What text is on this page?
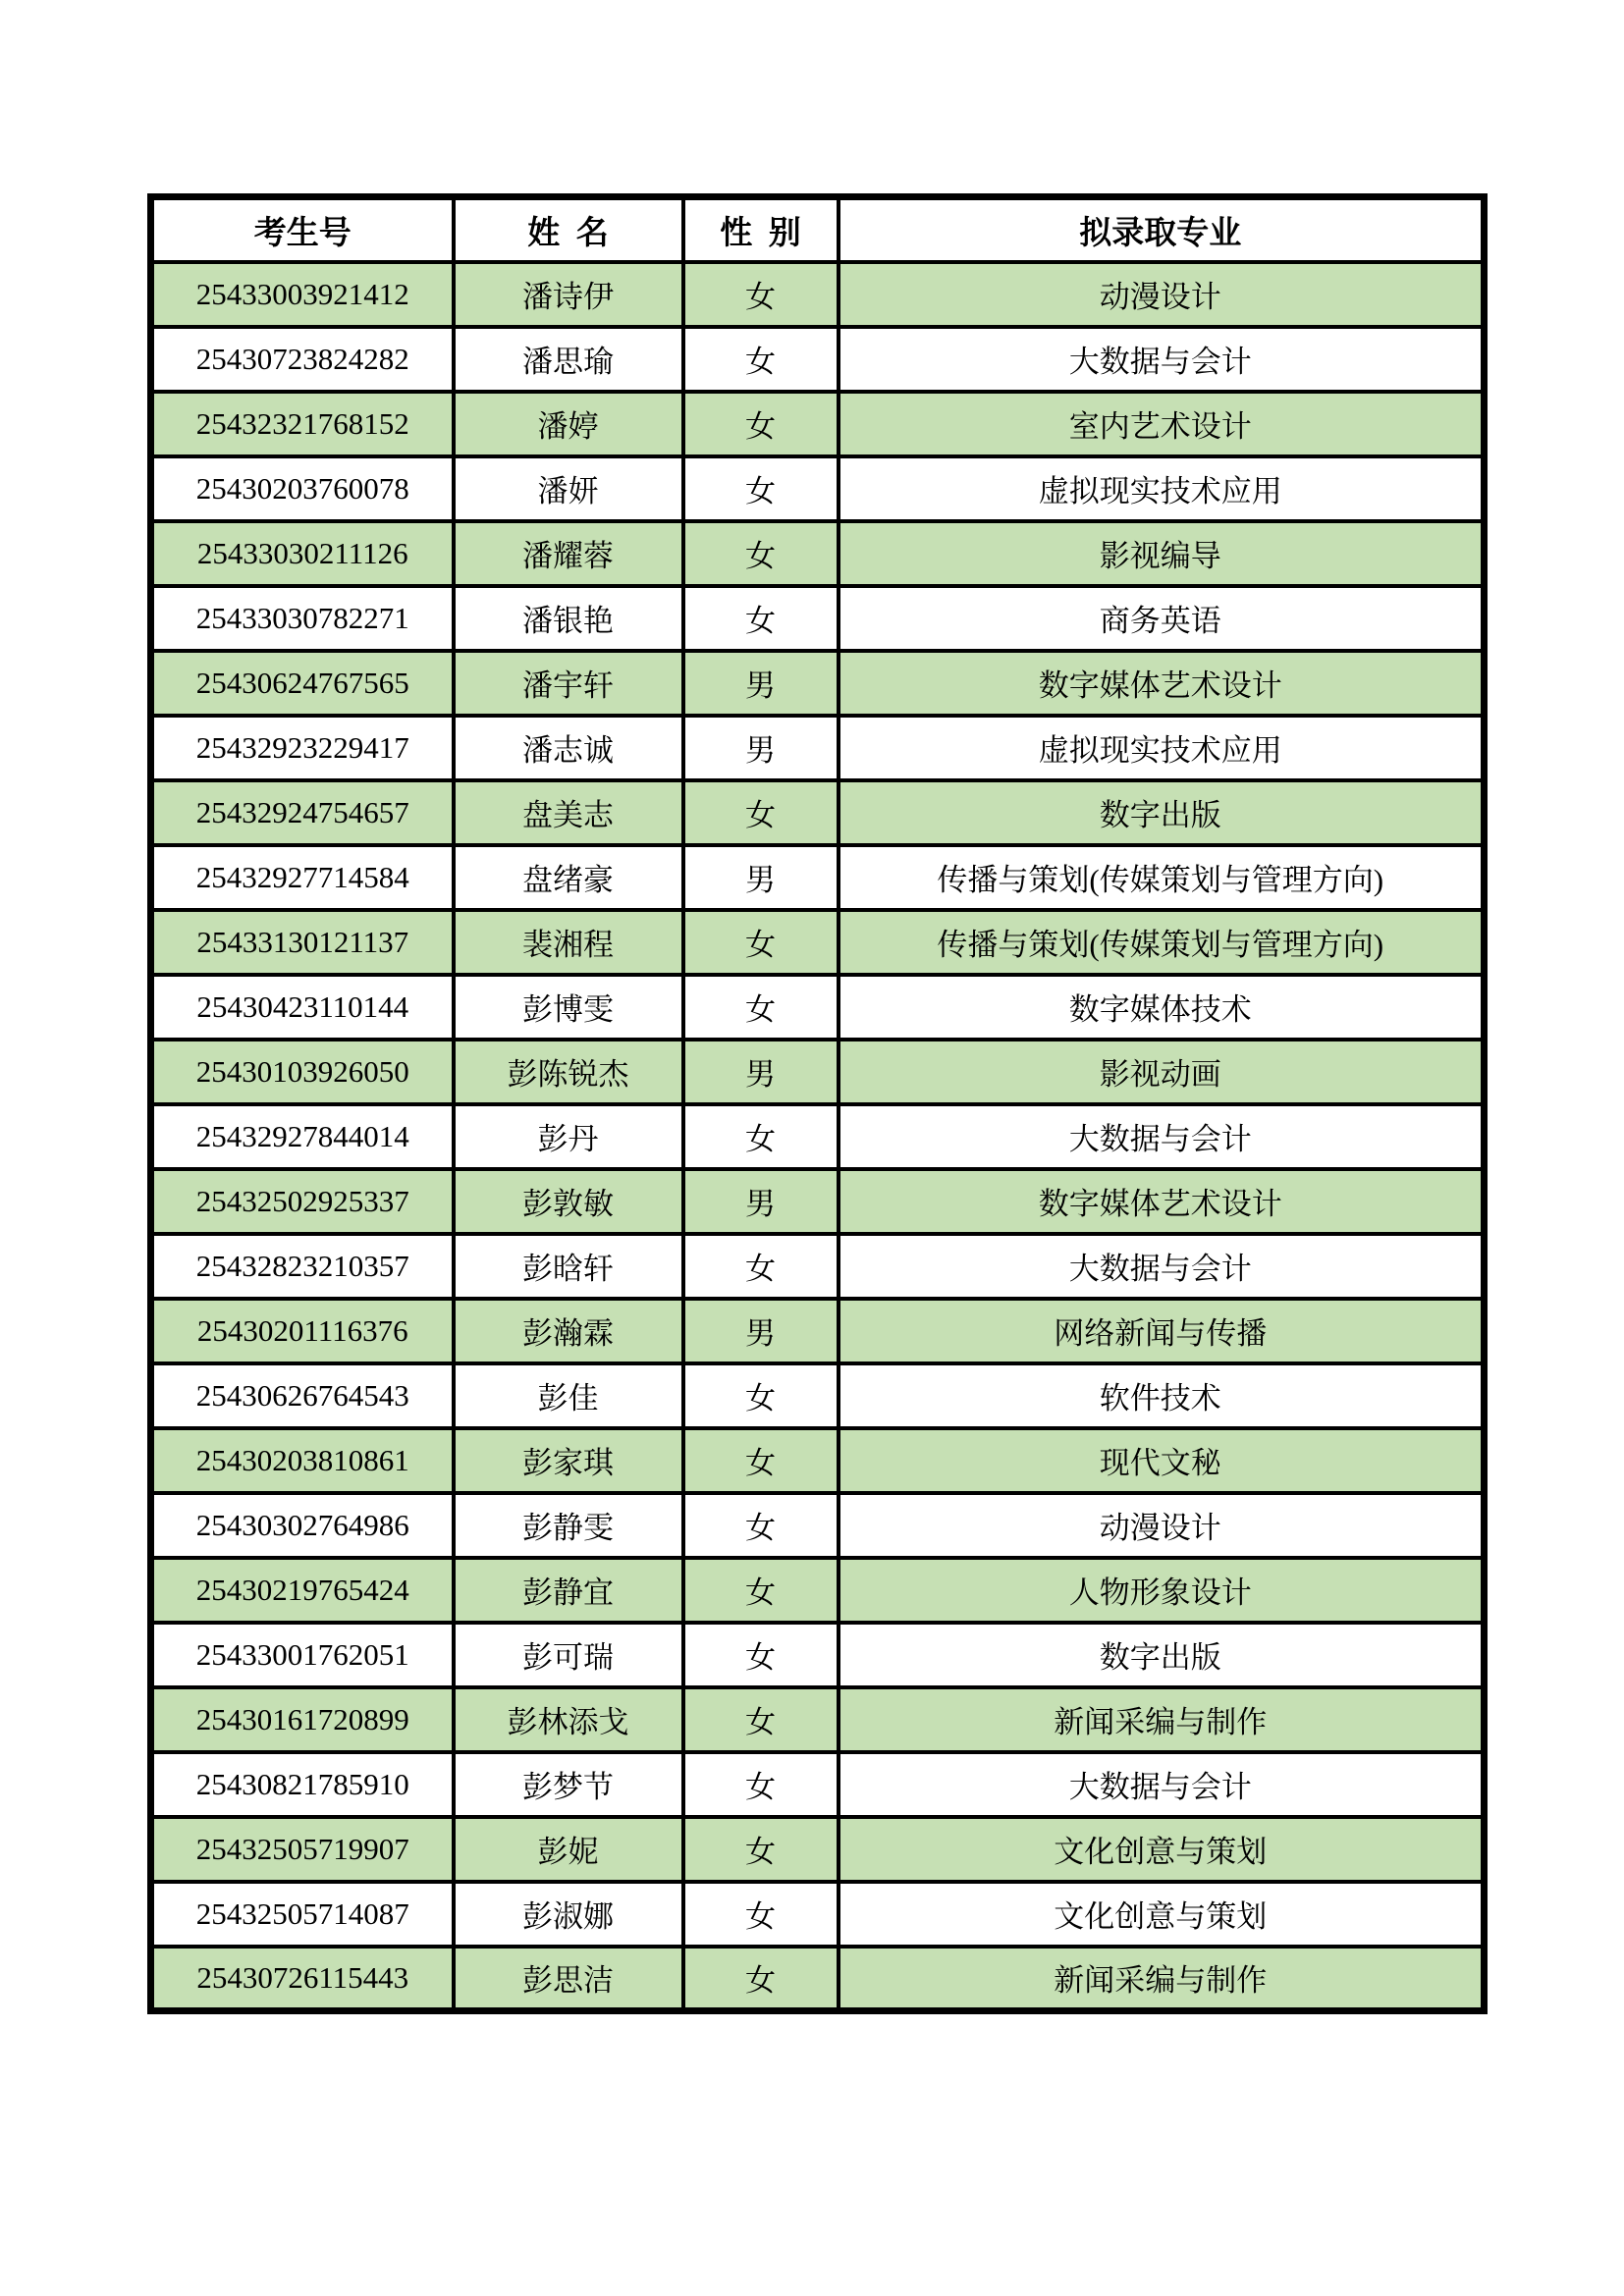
考生号	姓 名	性 别	拟录取专业
25433003921412	潘诗伊	女	动漫设计
25430723824282	潘思瑜	女	大数据与会计
25432321768152	潘婷	女	室内艺术设计
25430203760078	潘妍	女	虚拟现实技术应用
25433030211126	潘耀蓉	女	影视编导
25433030782271	潘银艳	女	商务英语
25430624767565	潘宇轩	男	数字媒体艺术设计
25432923229417	潘志诚	男	虚拟现实技术应用
25432924754657	盘美志	女	数字出版
25432927714584	盘绪豪	男	传播与策划(传媒策划与管理方向)
25433130121137	裴湘程	女	传播与策划(传媒策划与管理方向)
25430423110144	彭博雯	女	数字媒体技术
25430103926050	彭陈锐杰	男	影视动画
25432927844014	彭丹	女	大数据与会计
25432502925337	彭敦敏	男	数字媒体艺术设计
25432823210357	彭晗轩	女	大数据与会计
25430201116376	彭瀚霖	男	网络新闻与传播
25430626764543	彭佳	女	软件技术
25430203810861	彭家琪	女	现代文秘
25430302764986	彭静雯	女	动漫设计
25430219765424	彭静宜	女	人物形象设计
25433001762051	彭可瑞	女	数字出版
25430161720899	彭林添戈	女	新闻采编与制作
25430821785910	彭梦节	女	大数据与会计
25432505719907	彭妮	女	文化创意与策划
25432505714087	彭淑娜	女	文化创意与策划
25430726115443	彭思洁	女	新闻采编与制作
